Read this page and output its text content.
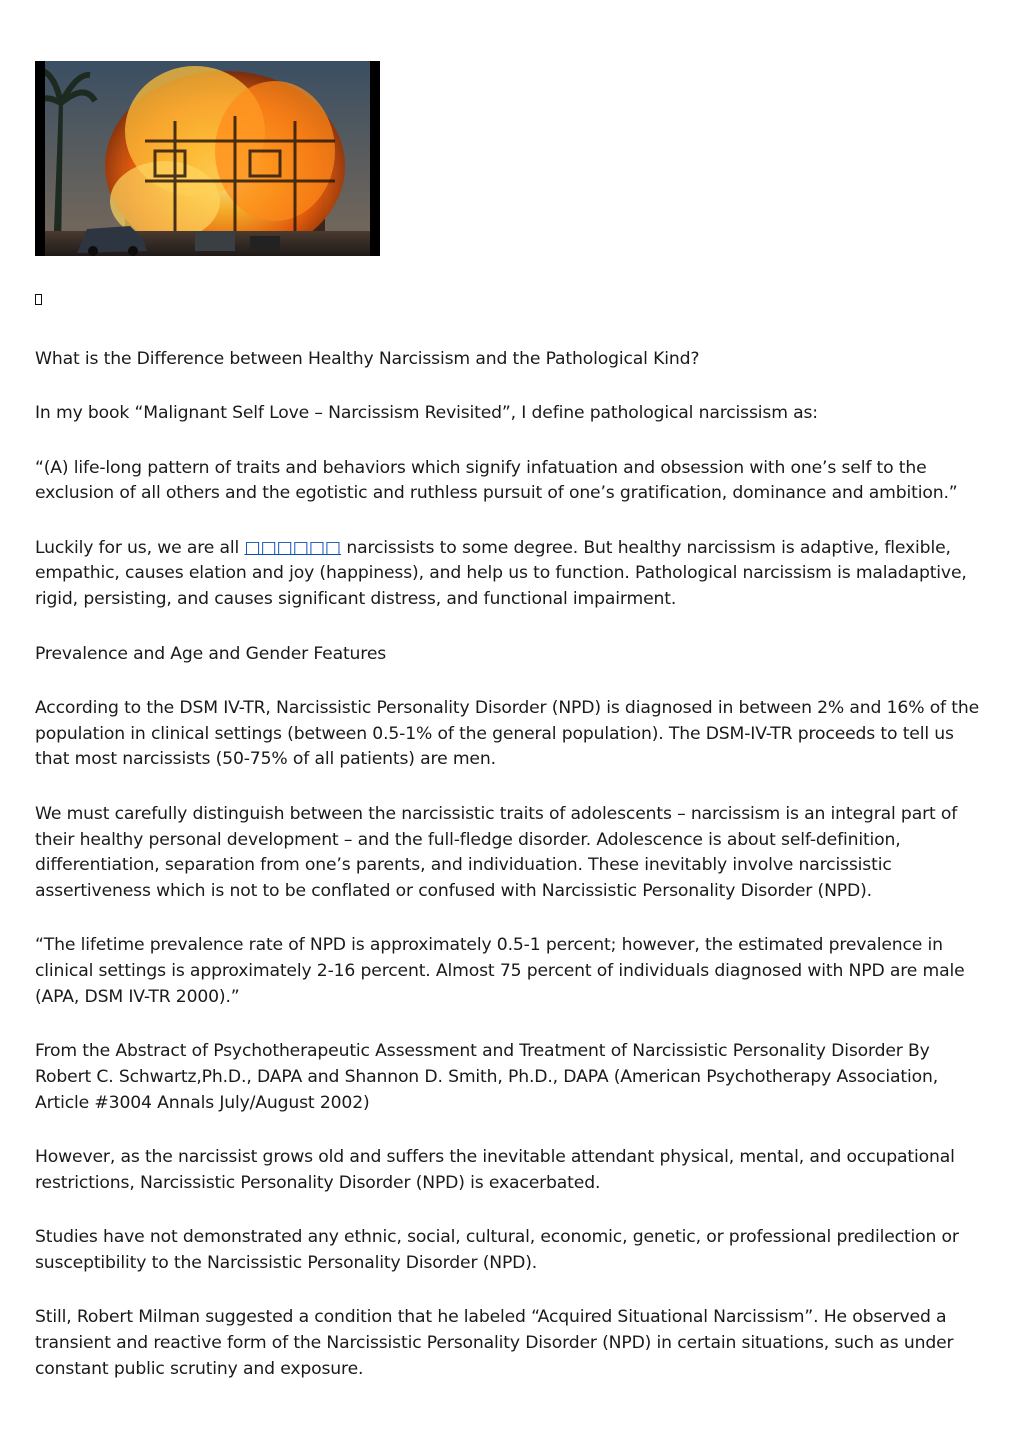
What is the Difference between Healthy Narcissism and the Pathological Kind?

In my book “Malignant Self Love – Narcissism Revisited”, I define pathological narcissism as:

“(A) life-long pattern of traits and behaviors which signify infatuation and obsession with one’s self to the exclusion of all others and the egotistic and ruthless pursuit of one’s gratification, dominance and ambition.”

Luckily for us, we are all □□□□□□ narcissists to some degree. But healthy narcissism is adaptive, flexible, empathic, causes elation and joy (happiness), and help us to function. Pathological narcissism is maladaptive, rigid, persisting, and causes significant distress, and functional impairment.

Prevalence and Age and Gender Features

According to the DSM IV-TR, Narcissistic Personality Disorder (NPD) is diagnosed in between 2% and 16% of the population in clinical settings (between 0.5-1% of the general population). The DSM-IV-TR proceeds to tell us that most narcissists (50-75% of all patients) are men.

We must carefully distinguish between the narcissistic traits of adolescents – narcissism is an integral part of their healthy personal development – and the full-fledge disorder. Adolescence is about self-definition, differentiation, separation from one’s parents, and individuation. These inevitably involve narcissistic assertiveness which is not to be conflated or confused with Narcissistic Personality Disorder (NPD).

“The lifetime prevalence rate of NPD is approximately 0.5-1 percent; however, the estimated prevalence in clinical settings is approximately 2-16 percent. Almost 75 percent of individuals diagnosed with NPD are male (APA, DSM IV-TR 2000).”

From the Abstract of Psychotherapeutic Assessment and Treatment of Narcissistic Personality Disorder By Robert C. Schwartz,Ph.D., DAPA and Shannon D. Smith, Ph.D., DAPA (American Psychotherapy Association, Article #3004 Annals July/August 2002)

However, as the narcissist grows old and suffers the inevitable attendant physical, mental, and occupational restrictions, Narcissistic Personality Disorder (NPD) is exacerbated.

Studies have not demonstrated any ethnic, social, cultural, economic, genetic, or professional predilection or susceptibility to the Narcissistic Personality Disorder (NPD).

Still, Robert Milman suggested a condition that he labeled “Acquired Situational Narcissism”. He observed a transient and reactive form of the Narcissistic Personality Disorder (NPD) in certain situations, such as under constant public scrutiny and exposure.
